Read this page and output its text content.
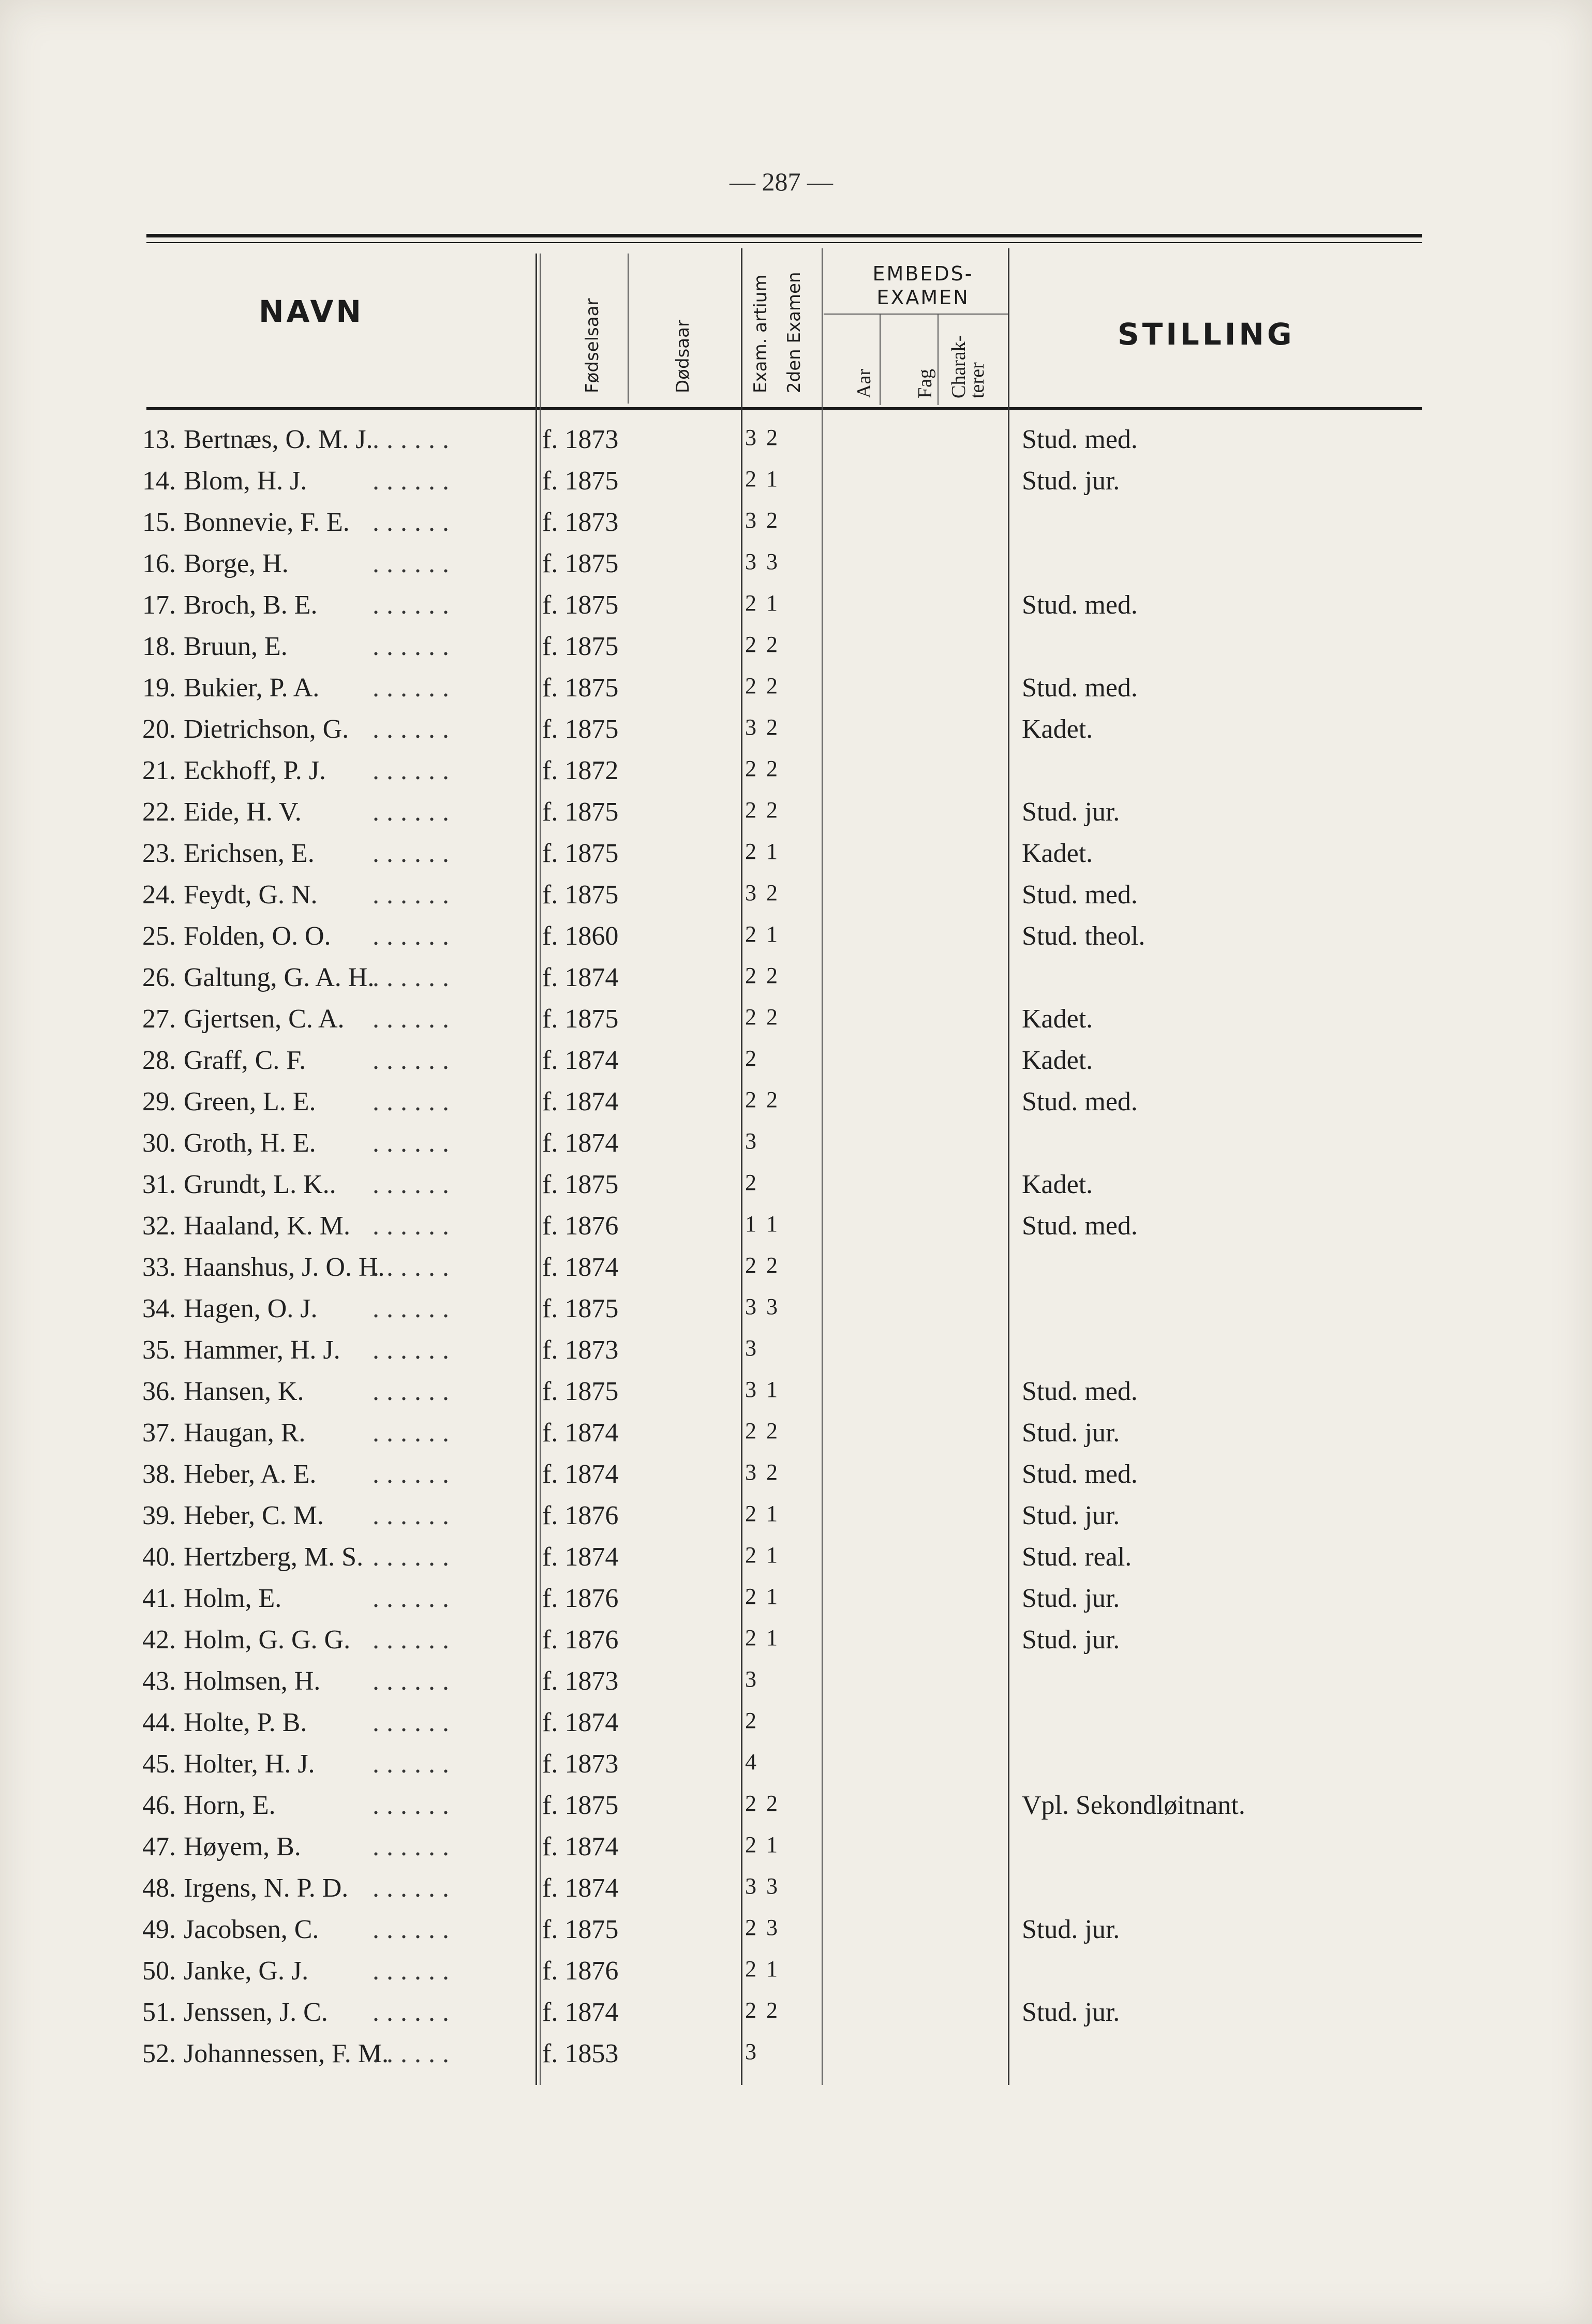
— 287 —
NAVN
STILLING
EMBEDS-
EXAMEN
Fødselsaar	Dødsaar	Exam. artium 2den Examen Aar Fag Charak-
terer
13. Bertnæs, O. M. J.	f. 1873	3 2	Stud. med.
......
14. Blom, H. J.	f. 1875	2 1	Stud. jur.
......
15. Bonnevie, F. E.	f. 1873	3 2
......
16. Borge, H.	f. 1875	3 3
......
17. Broch, B. E.	f. 1875	2 1	Stud. med.
......
18. Bruun, E.	f. 1875	2 2
......
19. Bukier, P. A.	f. 1875	2 2	Stud. med.
......
20. Dietrichson, G.	f. 1875	3 2	Kadet.
......
21. Eckhoff, P. J.	f. 1872	2 2
......
22. Eide, H. V.	f. 1875	2 2	Stud. jur.
......
23. Erichsen, E.	f. 1875	2 1	Kadet.
......
24. Feydt, G. N.	f. 1875	3 2	Stud. med.
......
25. Folden, O. O.	f. 1860	2 1	Stud. theol.
......
26. Galtung, G. A. H.	f. 1874	2 2
......
27. Gjertsen, C. A.	f. 1875	2 2	Kadet.
......
28. Graff, C. F.	f. 1874	2	Kadet.
......
29. Green, L. E.	f. 1874	2 2	Stud. med.
......
30. Groth, H. E.	f. 1874	3
......
31. Grundt, L. K..	f. 1875	2	Kadet.
......
32. Haaland, K. M.	f. 1876	1 1	Stud. med.
......
33. Haanshus, J. O. H.	f. 1874	2 2
......
34. Hagen, O. J.	f. 1875	3 3
......
35. Hammer, H. J.	f. 1873	3
......
36. Hansen, K.	f. 1875	3 1	Stud. med.
......
37. Haugan, R.	f. 1874	2 2	Stud. jur.
......
38. Heber, A. E.	f. 1874	3 2	Stud. med.
......
39. Heber, C. M.	f. 1876	2 1	Stud. jur.
......
40. Hertzberg, M. S.	f. 1874	2 1	Stud. real.
......
41. Holm, E.	f. 1876	2 1	Stud. jur.
......
42. Holm, G. G. G.	f. 1876	2 1	Stud. jur.
......
43. Holmsen, H.	f. 1873	3
......
44. Holte, P. B.	f. 1874	2
......
45. Holter, H. J.	f. 1873	4
......
46. Horn, E.	f. 1875	2 2	Vpl. Sekondløitnant.
......
47. Høyem, B.	f. 1874	2 1
......
48. Irgens, N. P. D.	f. 1874	3 3
......
49. Jacobsen, C.	f. 1875	2 3	Stud. jur.
......
50. Janke, G. J.	f. 1876	2 1
......
51. Jenssen, J. C.	f. 1874	2 2	Stud. jur.
......
52. Johannessen, F. M.	f. 1853	3
......
